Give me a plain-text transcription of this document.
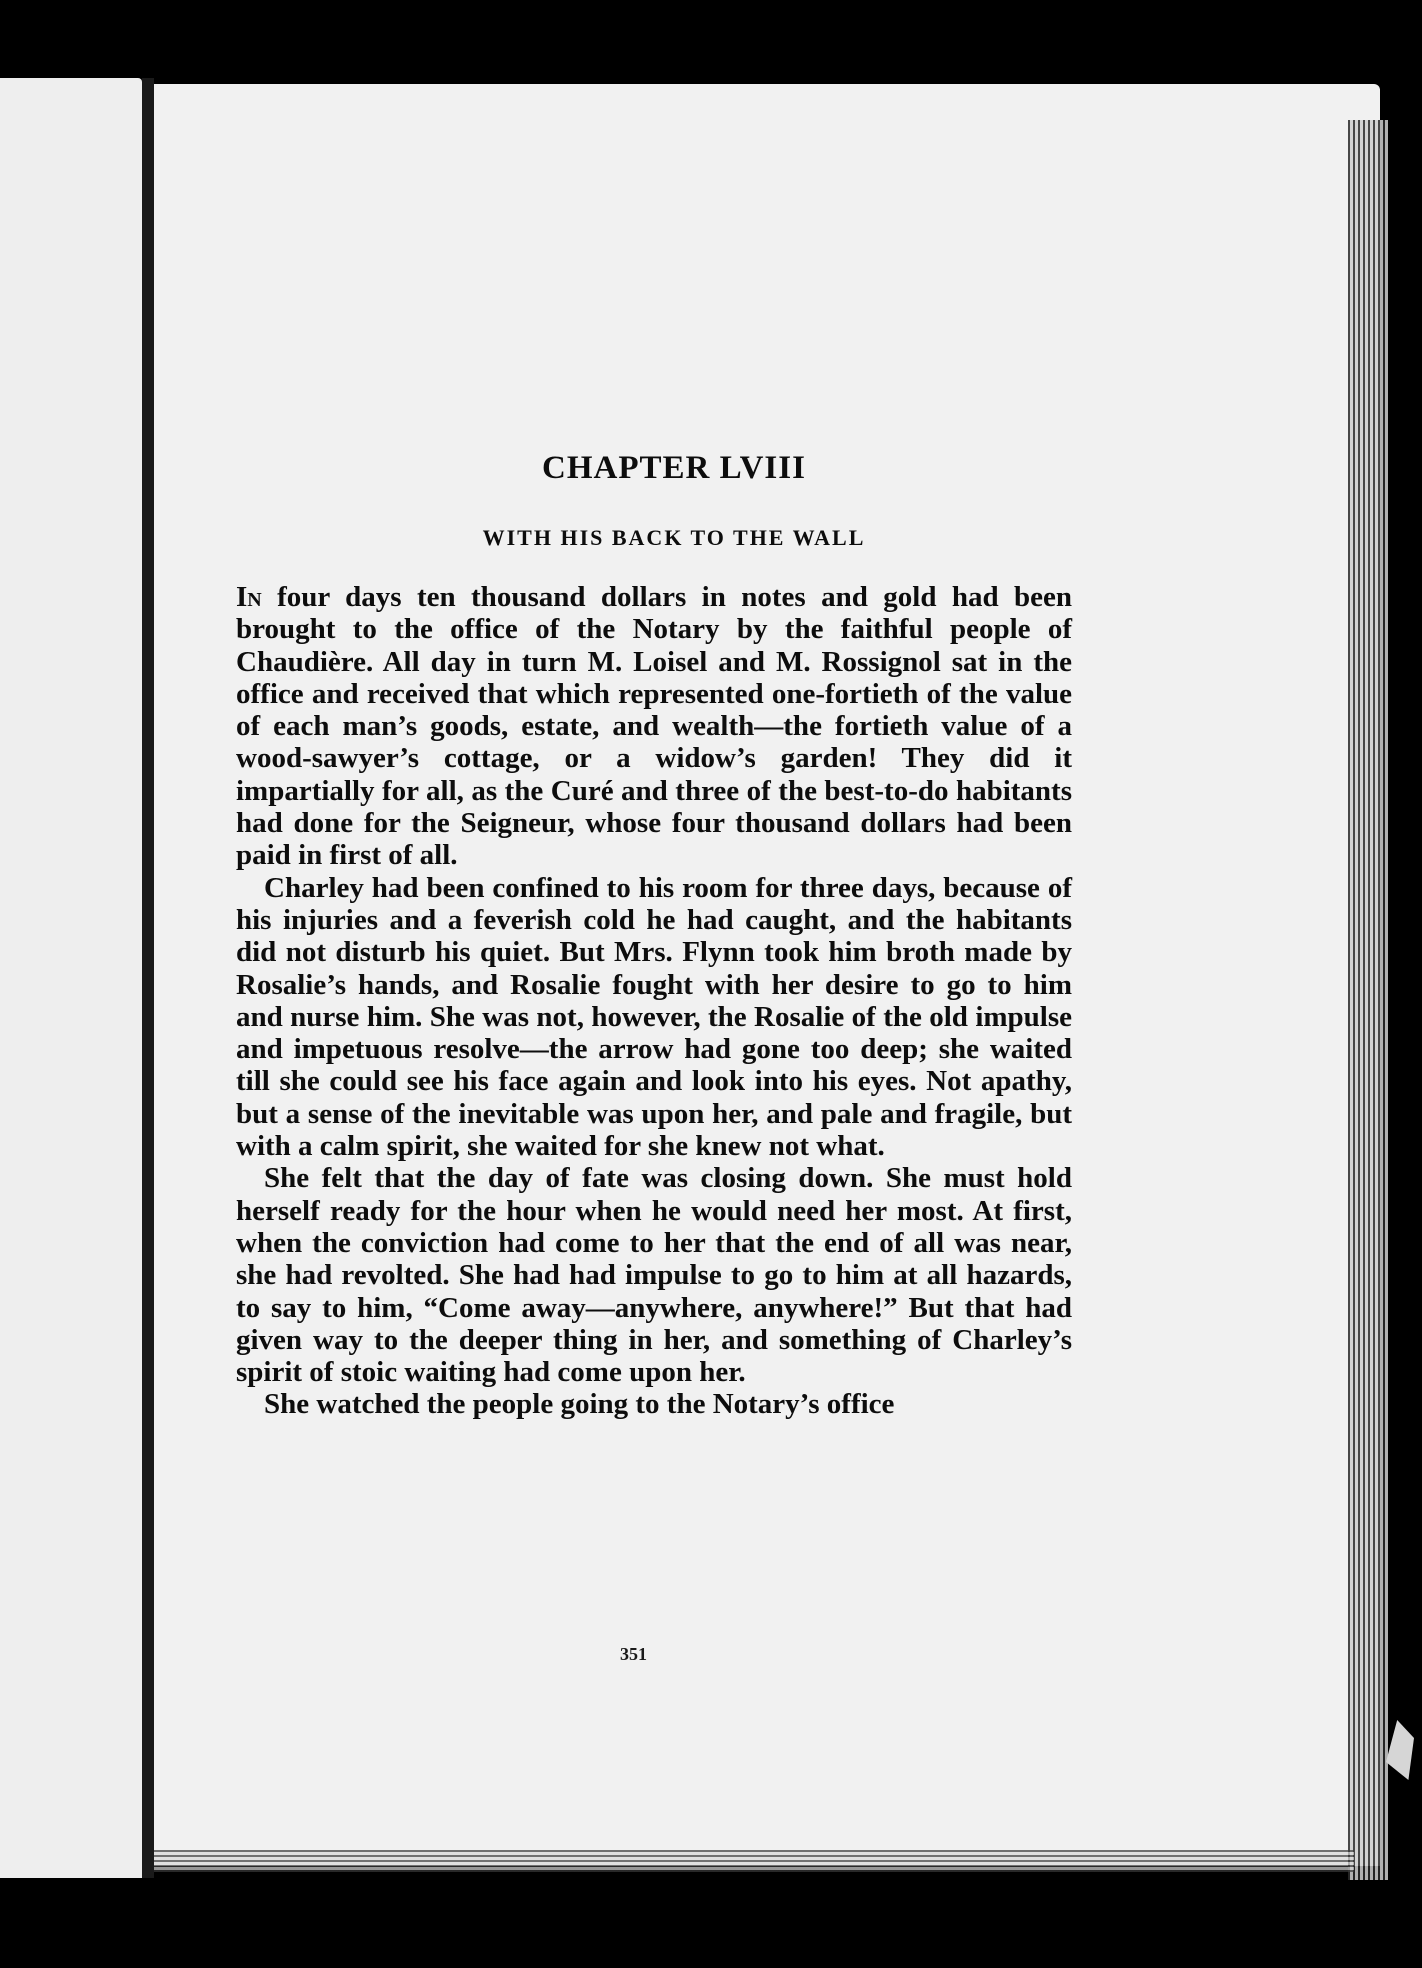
CHAPTER LVIII
WITH HIS BACK TO THE WALL

In four days ten thousand dollars in notes and gold had been brought to the office of the Notary by the faithful people of Chaudière. All day in turn M. Loisel and M. Rossignol sat in the office and received that which represented one-fortieth of the value of each man’s goods, estate, and wealth—the fortieth value of a wood-sawyer’s cottage, or a widow’s garden! They did it impartially for all, as the Curé and three of the best-to-do habitants had done for the Seigneur, whose four thousand dollars had been paid in first of all.

Charley had been confined to his room for three days, because of his injuries and a feverish cold he had caught, and the habitants did not disturb his quiet. But Mrs. Flynn took him broth made by Rosalie’s hands, and Rosalie fought with her desire to go to him and nurse him. She was not, however, the Rosalie of the old impulse and impetuous resolve—the arrow had gone too deep; she waited till she could see his face again and look into his eyes. Not apathy, but a sense of the inevitable was upon her, and pale and fragile, but with a calm spirit, she waited for she knew not what.

She felt that the day of fate was closing down. She must hold herself ready for the hour when he would need her most. At first, when the conviction had come to her that the end of all was near, she had revolted. She had had impulse to go to him at all hazards, to say to him, “Come away—anywhere, anywhere!” But that had given way to the deeper thing in her, and something of Charley’s spirit of stoic waiting had come upon her.

She watched the people going to the Notary’s office

351
